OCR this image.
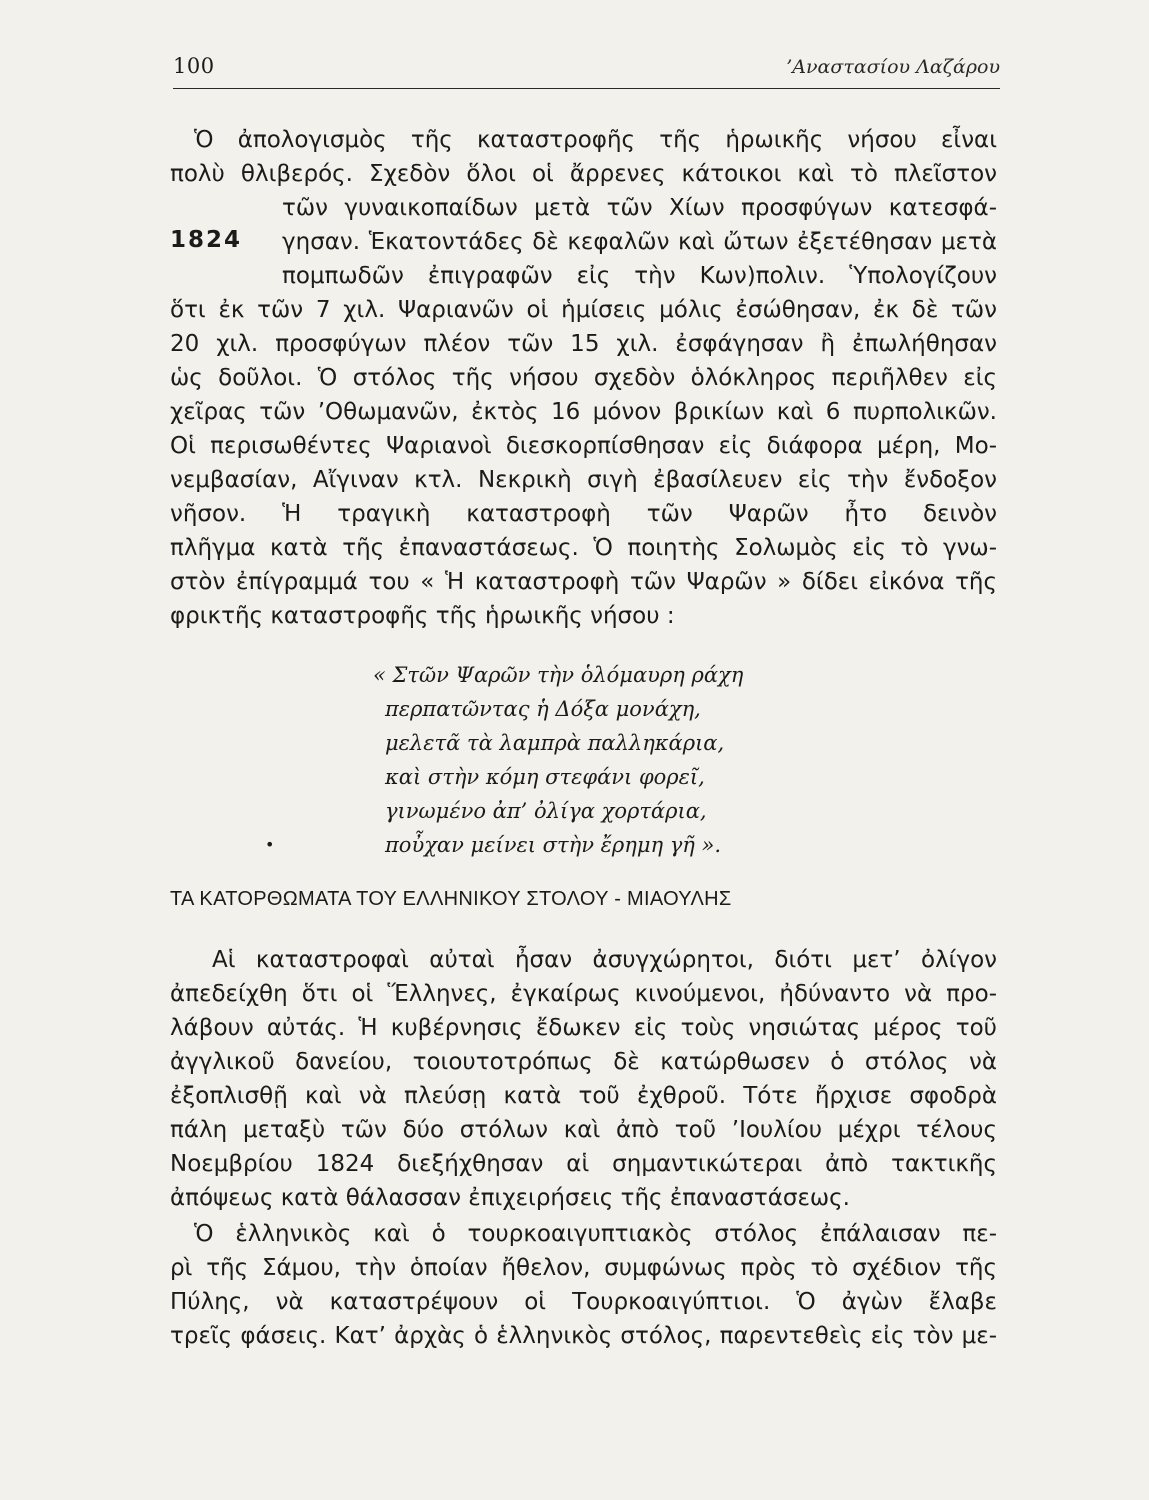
100	’Αναστασίου Λαζάρου
1824
Ὁ ἀπολογισμὸς τῆς καταστροφῆς τῆς ἡρωικῆς νήσου εἶναι
πολὺ θλιβερός. Σχεδὸν ὅλοι οἱ ἄρρενες κάτοικοι καὶ τὸ πλεῖστον
τῶν γυναικοπαίδων μετὰ τῶν Χίων προσφύγων κατεσφά-
γησαν. Ἑκατοντάδες δὲ κεφαλῶν καὶ ὤτων ἐξετέθησαν μετὰ
πομπωδῶν ἐπιγραφῶν εἰς τὴν Κων)πολιν. Ὑπολογίζουν
ὅτι ἐκ τῶν 7 χιλ. Ψαριανῶν οἱ ἡμίσεις μόλις ἐσώθησαν, ἐκ δὲ τῶν
20 χιλ. προσφύγων πλέον τῶν 15 χιλ. ἐσφάγησαν ἢ ἐπωλήθησαν
ὡς δοῦλοι. Ὁ στόλος τῆς νήσου σχεδὸν ὁλόκληρος περιῆλθεν εἰς
χεῖρας τῶν ’Οθωμανῶν, ἐκτὸς 16 μόνον βρικίων καὶ 6 πυρπολικῶν.
Οἱ περισωθέντες Ψαριανοὶ διεσκορπίσθησαν εἰς διάφορα μέρη, Μο-
νεμβασίαν, Αἴγιναν κτλ. Νεκρικὴ σιγὴ ἐβασίλευεν εἰς τὴν ἔνδοξον
νῆσον. Ἡ τραγικὴ καταστροφὴ τῶν Ψαρῶν ἦτο δεινὸν
πλῆγμα κατὰ τῆς ἐπαναστάσεως. Ὁ ποιητὴς Σολωμὸς εἰς τὸ γνω-
στὸν ἐπίγραμμά του « Ἡ καταστροφὴ τῶν Ψαρῶν » δίδει εἰκόνα τῆς
φρικτῆς καταστροφῆς τῆς ἡρωικῆς νήσου :
« Στῶν Ψαρῶν τὴν ὁλόμαυρη ράχη
περπατῶντας ἡ Δόξα μονάχη,
μελετᾶ τὰ λαμπρὰ παλληκάρια,
καὶ στὴν κόμη στεφάνι φορεῖ,
γινωμένο ἀπ’ ὀλίγα χορτάρια,
ποὖχαν μείνει στὴν ἔρημη γῆ ».
•
ΤΑ ΚΑΤΟΡΘΩΜΑΤΑ ΤΟΥ ΕΛΛΗΝΙΚΟΥ ΣΤΟΛΟΥ - ΜΙΑΟΥΛΗΣ
Αἱ καταστροφαὶ αὐταὶ ἦσαν ἀσυγχώρητοι, διότι μετ’ ὀλίγον
ἀπεδείχθη ὅτι οἱ Ἕλληνες, ἐγκαίρως κινούμενοι, ἠδύναντο νὰ προ-
λάβουν αὐτάς. Ἡ κυβέρνησις ἔδωκεν εἰς τοὺς νησιώτας μέρος τοῦ
ἀγγλικοῦ δανείου, τοιουτοτρόπως δὲ κατώρθωσεν ὁ στόλος νὰ
ἐξοπλισθῇ καὶ νὰ πλεύσῃ κατὰ τοῦ ἐχθροῦ. Τότε ἤρχισε σφοδρὰ
πάλη μεταξὺ τῶν δύο στόλων καὶ ἀπὸ τοῦ ’Ιουλίου μέχρι τέλους
Νοεμβρίου 1824 διεξήχθησαν αἱ σημαντικώτεραι ἀπὸ τακτικῆς
ἀπόψεως κατὰ θάλασσαν ἐπιχειρήσεις τῆς ἐπαναστάσεως.
Ὁ ἑλληνικὸς καὶ ὁ τουρκοαιγυπτιακὸς στόλος ἐπάλαισαν πε-
ρὶ τῆς Σάμου, τὴν ὁποίαν ἤθελον, συμφώνως πρὸς τὸ σχέδιον τῆς
Πύλης, νὰ καταστρέψουν οἱ Τουρκοαιγύπτιοι. Ὁ ἀγὼν ἔλαβε
τρεῖς φάσεις. Κατ’ ἀρχὰς ὁ ἑλληνικὸς στόλος, παρεντεθεὶς εἰς τὸν με-
